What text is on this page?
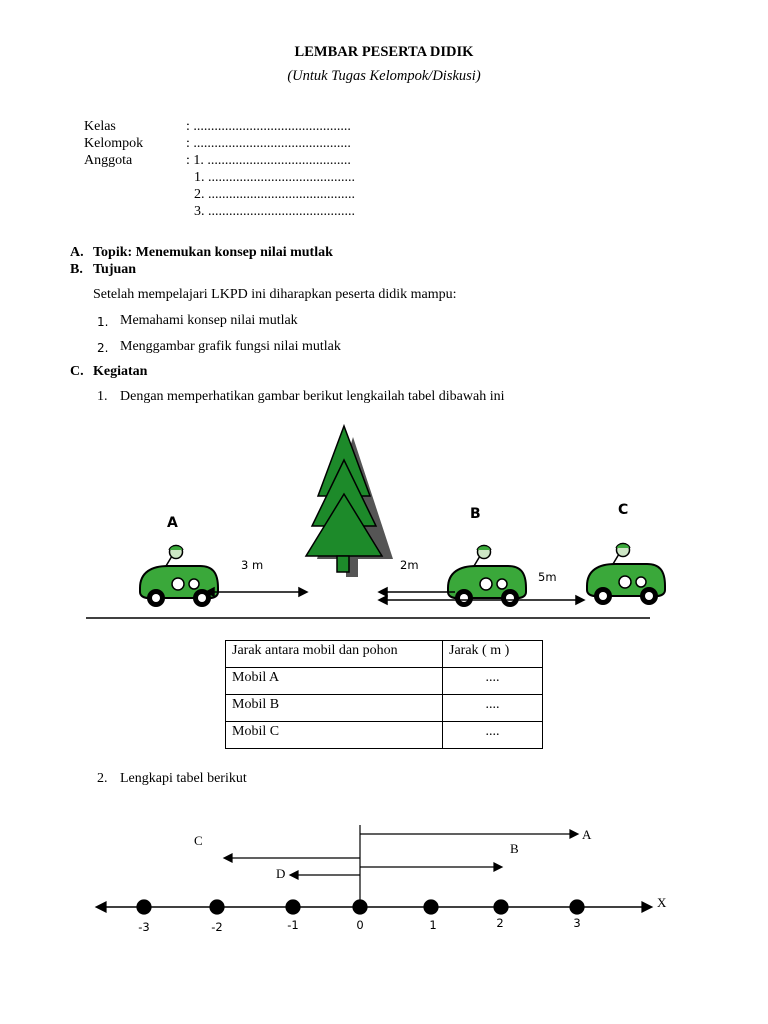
LEMBAR PESERTA DIDIK
(Untuk Tugas Kelompok/Diskusi)
Kelas	: .............................................
Kelompok	: .............................................
Anggota	: 1. .........................................
1. ..........................................
2. ..........................................
3. ..........................................
A. Topik: Menemukan konsep nilai mutlak
B. Tujuan
Setelah mempelajari LKPD ini diharapkan peserta didik mampu:
1. Memahami konsep nilai mutlak
2. Menggambar grafik fungsi nilai mutlak
C. Kegiatan
1. Dengan memperhatikan gambar berikut lengkailah tabel dibawah ini
A
B	C
3 m	2m
5m
Jarak antara mobil dan pohon	Jarak ( m )
Mobil A	....
Mobil B	....
Mobil C	....
2. Lengkapi tabel berikut
A
B
C
D
X
-3	-2	-1	0	1	2	3
